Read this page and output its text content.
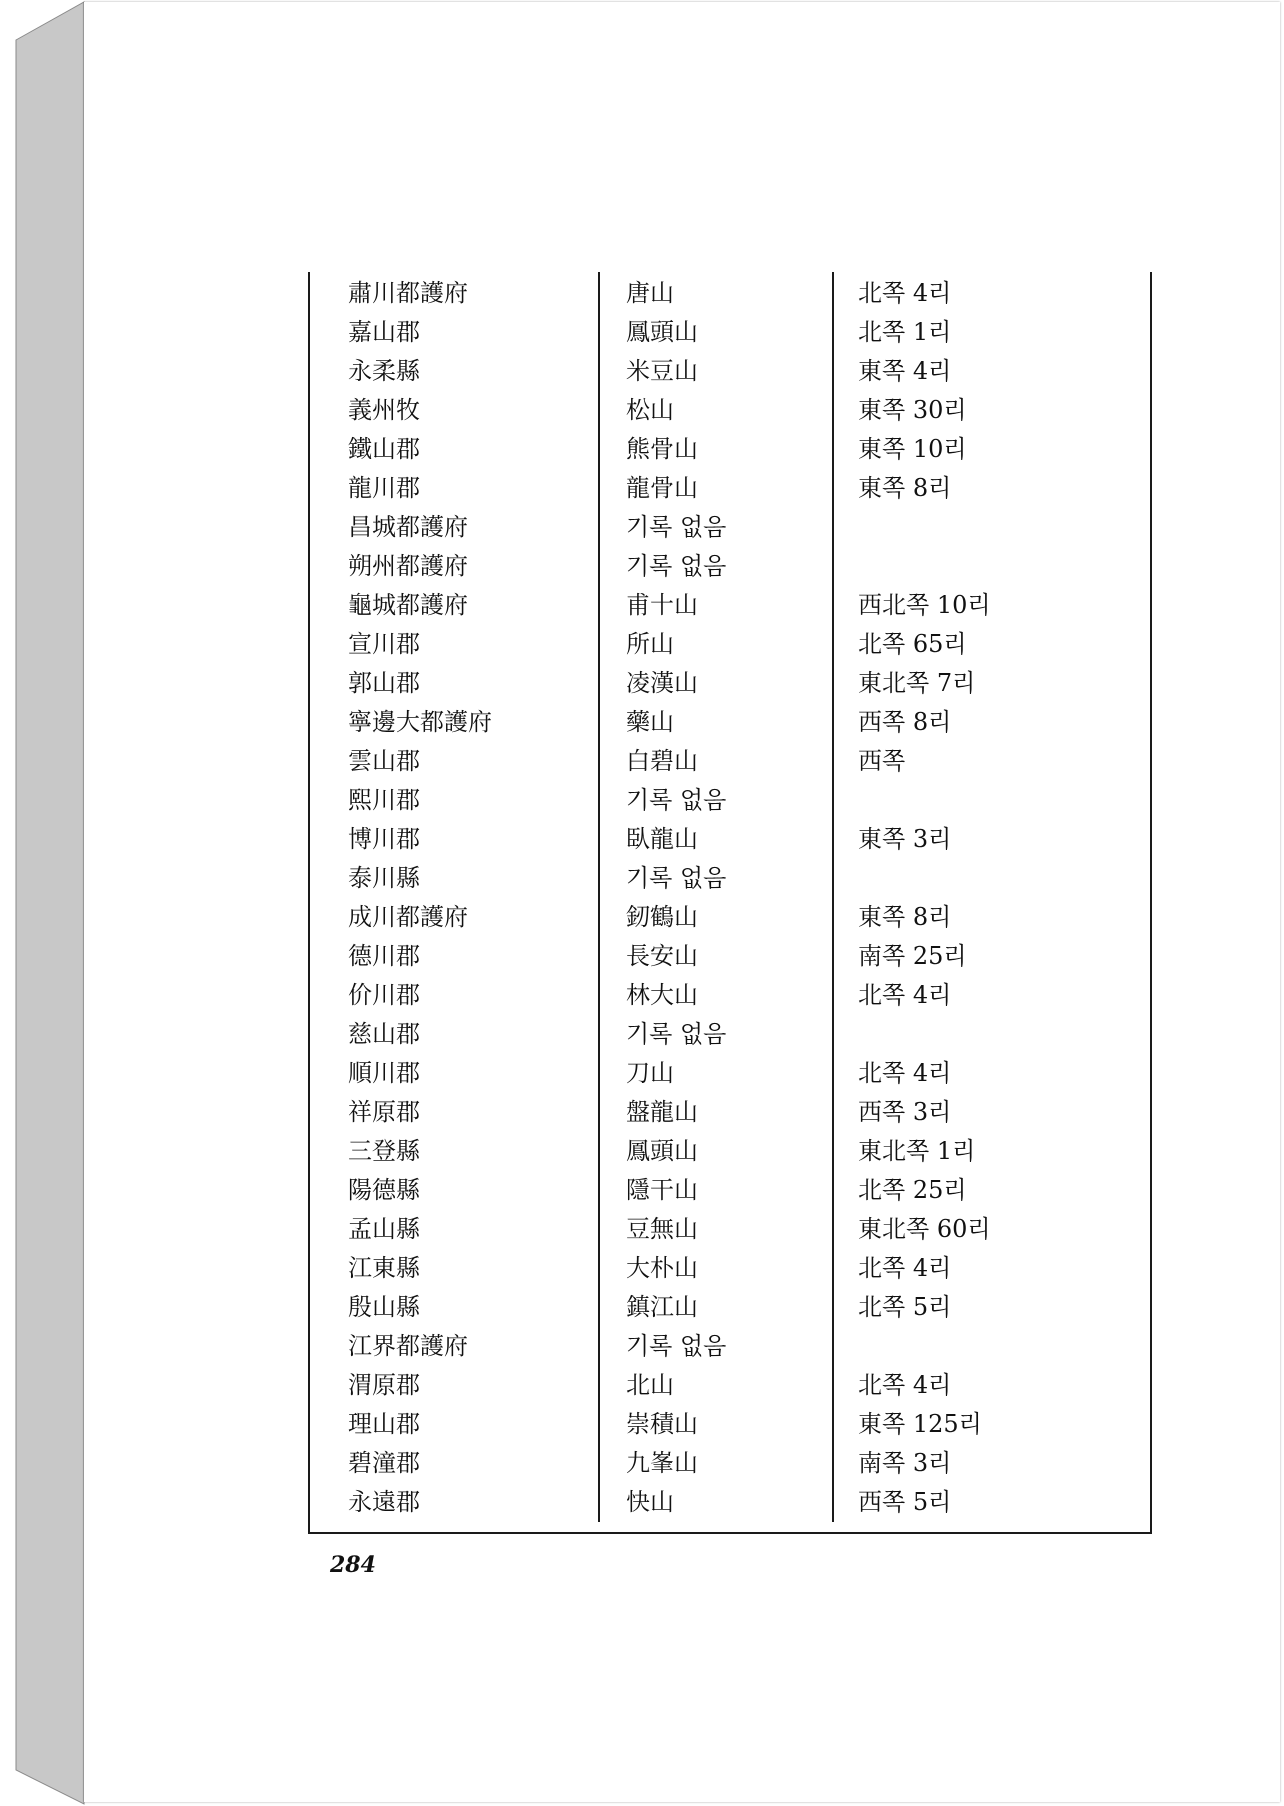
肅川都護府	唐山	北쪽 4리
嘉山郡	鳳頭山	北쪽 1리
永柔縣	米豆山	東쪽 4리
義州牧	松山	東쪽 30리
鐵山郡	熊骨山	東쪽 10리
龍川郡	龍骨山	東쪽 8리
昌城都護府	기록 없음
朔州都護府	기록 없음
龜城都護府	甫十山	西北쪽 10리
宣川郡	所山	北쪽 65리
郭山郡	凌漢山	東北쪽 7리
寧邊大都護府	藥山	西쪽 8리
雲山郡	白碧山	西쪽
熙川郡	기록 없음
博川郡	臥龍山	東쪽 3리
泰川縣	기록 없음
成川都護府	釰鶴山	東쪽 8리
德川郡	長安山	南쪽 25리
价川郡	林大山	北쪽 4리
慈山郡	기록 없음
順川郡	刀山	北쪽 4리
祥原郡	盤龍山	西쪽 3리
三登縣	鳳頭山	東北쪽 1리
陽德縣	隱干山	北쪽 25리
孟山縣	豆無山	東北쪽 60리
江東縣	大朴山	北쪽 4리
殷山縣	鎮江山	北쪽 5리
江界都護府	기록 없음
渭原郡	北山	北쪽 4리
理山郡	崇積山	東쪽 125리
碧潼郡	九峯山	南쪽 3리
永遠郡	快山	西쪽 5리
284
